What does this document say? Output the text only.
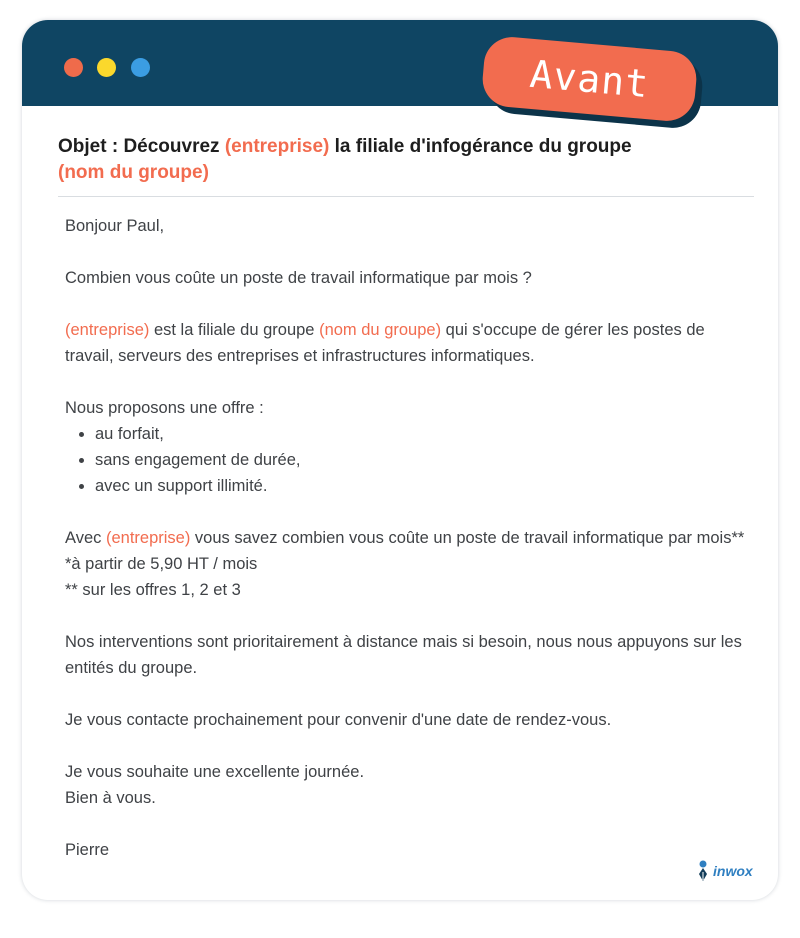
Avant
Objet : Découvrez (entreprise) la filiale d'infogérance du groupe
(nom du groupe)

Bonjour Paul,

Combien vous coûte un poste de travail informatique par mois ?

(entreprise) est la filiale du groupe (nom du groupe) qui s'occupe de gérer les postes de travail, serveurs des entreprises et infrastructures informatiques.

Nous proposons une offre :

• au forfait,
• sans engagement de durée,
• avec un support illimité.

Avec (entreprise) vous savez combien vous coûte un poste de travail informatique par mois**

*à partir de 5,90 HT / mois

** sur les offres 1, 2 et 3

Nos interventions sont prioritairement à distance mais si besoin, nous nous appuyons sur les entités du groupe.

Je vous contacte prochainement pour convenir d'une date de rendez-vous.

Je vous souhaite une excellente journée.

Bien à vous.

Pierre

inwox
